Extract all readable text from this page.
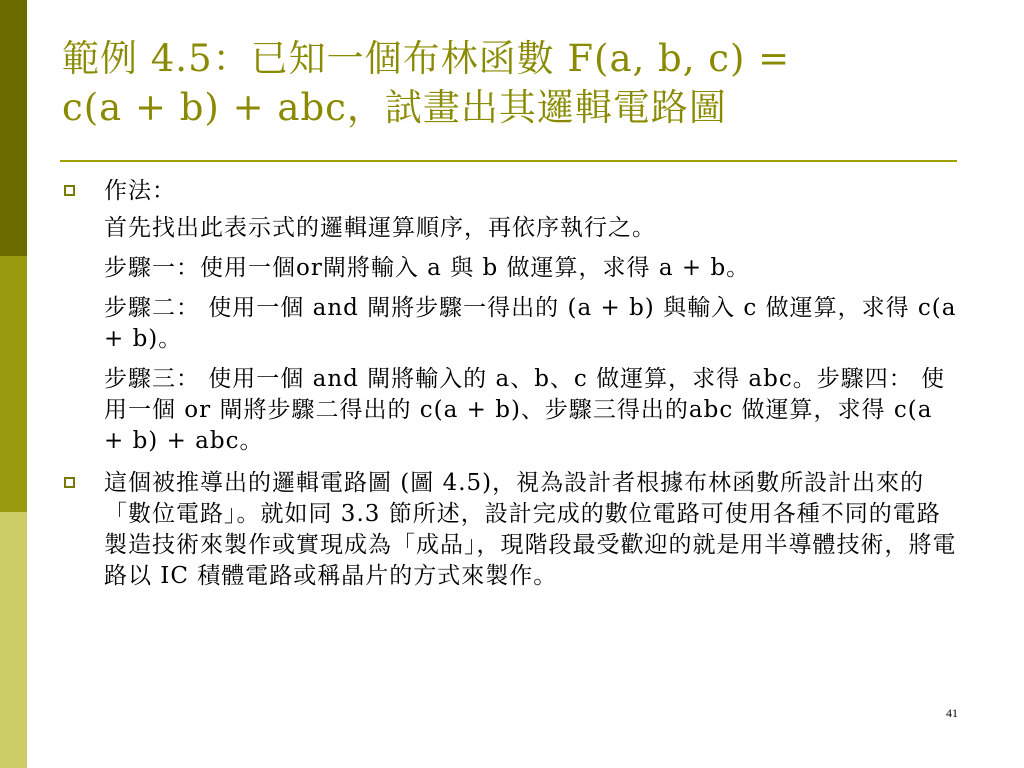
範例 4.5：已知一個布林函數 F(a, b, c) =
c(a + b) + abc，試畫出其邏輯電路圖
作法：
首先找出此表示式的邏輯運算順序，再依序執行之。
步驟一：使用一個or閘將輸入 a 與 b 做運算，求得 a + b。
步驟二： 使用一個 and 閘將步驟一得出的 (a + b) 與輸入 c 做運算，求得 c(a + b)。
步驟三： 使用一個 and 閘將輸入的 a、b、c 做運算，求得 abc。步驟四： 使用一個 or 閘將步驟二得出的 c(a + b)、步驟三得出的abc 做運算，求得 c(a + b) + abc。
這個被推導出的邏輯電路圖 (圖 4.5)，視為設計者根據布林函數所設計出來的「數位電路」。就如同 3.3 節所述，設計完成的數位電路可使用各種不同的電路製造技術來製作或實現成為「成品」，現階段最受歡迎的就是用半導體技術，將電路以 IC 積體電路或稱晶片的方式來製作。
41
